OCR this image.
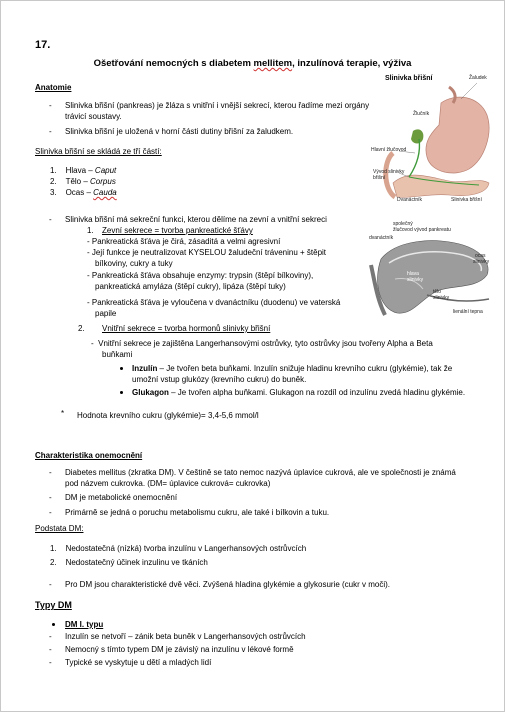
17.
Ošetřování nemocných s diabetem mellitem, inzulínová terapie, výživa
Anatomie
- Slinivka břišní (pankreas) je žláza s vnitřní i vnější sekrecí, kterou řadíme mezi orgány
trávicí soustavy.
- Slinivka břišní je uložená v horní části dutiny břišní za žaludkem.
Slinivka břišní se skládá ze tří částí:
1. Hlava – Caput
2. Tělo – Corpus
3. Ocas – Cauda
- Slinivka břišní má sekreční funkci, kterou dělíme na zevní a vnitřní sekreci
1. Zevní sekrece = tvorba pankreatické šťávy
- Pankreatická šťáva je čirá, zásaditá a velmi agresivní
- Její funkce je neutralizovat KYSELOU žaludeční tráveninu + štěpit
bílkoviny, cukry a tuky
- Pankreatická šťáva obsahuje enzymy: trypsin (štěpí bílkoviny),
pankreatická amyláza (štěpí cukry), lipáza (štěpí tuky)
- Pankreatická šťáva je vyloučena v dvanáctníku (duodenu) ve vaterská
papile
2. Vnitřní sekrece = tvorba hormonů slinivky břišní
-  Vnitřní sekrece je zajištěna Langerhansovými ostrůvky, tyto ostrůvky jsou tvořeny Alpha a Beta
buňkami
Inzulín – Je tvořen beta buňkami. Inzulín snižuje hladinu krevního cukru (glykémie), tak že
umožní vstup glukózy (krevního cukru) do buněk.
Glukagon – Je tvořen alpha buňkami. Glukagon na rozdíl od inzulínu zvedá hladinu glykémie.
* Hodnota krevního cukru (glykémie)= 3,4-5,6 mmol/l
Slinivka břišní	Žaludek
Žlučník
Hlavní žlučovod
Vývod slinivky
břišní
Dvanáctník	Slinivka břišní
společný
žlučovod vývod pankreatu
dvanáctník
hlava
slinivky
tělo
slinivky
ocas
slinivky
lienální tepna
Charakteristika onemocnění
- Diabetes mellitus (zkratka DM). V češtině se tato nemoc nazývá úplavice cukrová, ale ve společnosti je známá
pod názvem cukrovka. (DM= úplavice cukrová= cukrovka)
- DM je metabolické onemocnění
- Primárně se jedná o poruchu metabolismu cukru, ale také i bílkovin a tuku.
Podstata DM:
1. Nedostatečná (nízká) tvorba inzulínu v Langerhansových ostrůvcích
2. Nedostatečný účinek inzulinu ve tkáních
- Pro DM jsou charakteristické dvě věci. Zvýšená hladina glykémie a glykosurie (cukr v moči).
Typy DM
DM I. typu
- Inzulín se netvoří – zánik beta buněk v Langerhansových ostrůvcích
- Nemocný s tímto typem DM je závislý na inzulínu v lékové formě
- Typické se vyskytuje u dětí a mladých lidí
